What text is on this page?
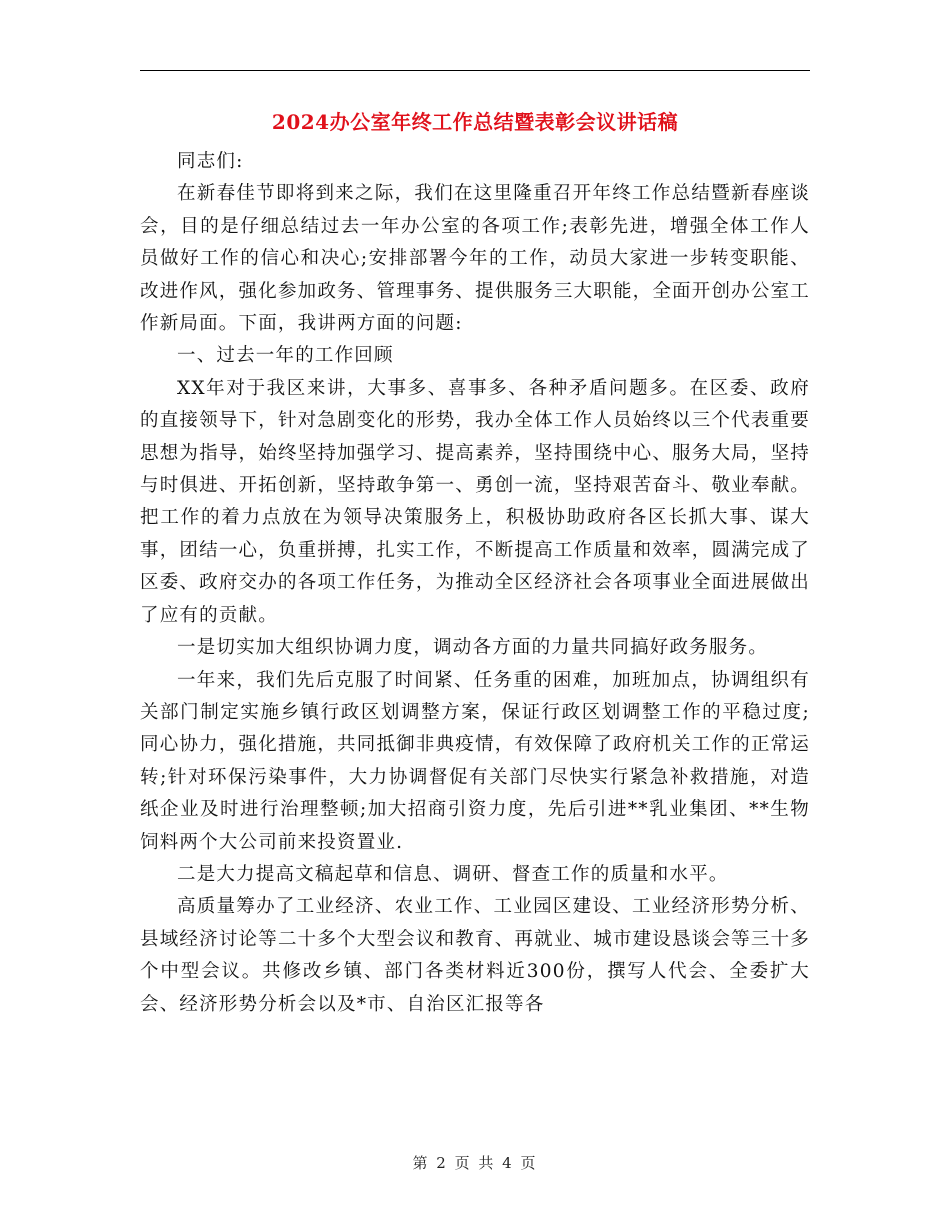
2024办公室年终工作总结暨表彰会议讲话稿

同志们:

在新春佳节即将到来之际，我们在这里隆重召开年终工作总结暨新春座谈会，目的是仔细总结过去一年办公室的各项工作;表彰先进，增强全体工作人员做好工作的信心和决心;安排部署今年的工作，动员大家进一步转变职能、改进作风，强化参加政务、管理事务、提供服务三大职能，全面开创办公室工作新局面。下面，我讲两方面的问题:

一、过去一年的工作回顾

XX年对于我区来讲，大事多、喜事多、各种矛盾问题多。在区委、政府的直接领导下，针对急剧变化的形势，我办全体工作人员始终以三个代表重要思想为指导，始终坚持加强学习、提高素养，坚持围绕中心、服务大局，坚持与时俱进、开拓创新，坚持敢争第一、勇创一流，坚持艰苦奋斗、敬业奉献。把工作的着力点放在为领导决策服务上，积极协助政府各区长抓大事、谋大事，团结一心，负重拼搏，扎实工作，不断提高工作质量和效率，圆满完成了区委、政府交办的各项工作任务，为推动全区经济社会各项事业全面进展做出了应有的贡献。

一是切实加大组织协调力度，调动各方面的力量共同搞好政务服务。

一年来，我们先后克服了时间紧、任务重的困难，加班加点，协调组织有关部门制定实施乡镇行政区划调整方案，保证行政区划调整工作的平稳过度;同心协力，强化措施，共同抵御非典疫情，有效保障了政府机关工作的正常运转;针对环保污染事件，大力协调督促有关部门尽快实行紧急补救措施，对造纸企业及时进行治理整顿;加大招商引资力度，先后引进**乳业集团、**生物饲料两个大公司前来投资置业.

二是大力提高文稿起草和信息、调研、督查工作的质量和水平。

高质量筹办了工业经济、农业工作、工业园区建设、工业经济形势分析、县域经济讨论等二十多个大型会议和教育、再就业、城市建设恳谈会等三十多个中型会议。共修改乡镇、部门各类材料近300份，撰写人代会、全委扩大会、经济形势分析会以及*市、自治区汇报等各

第 2 页 共 4 页
